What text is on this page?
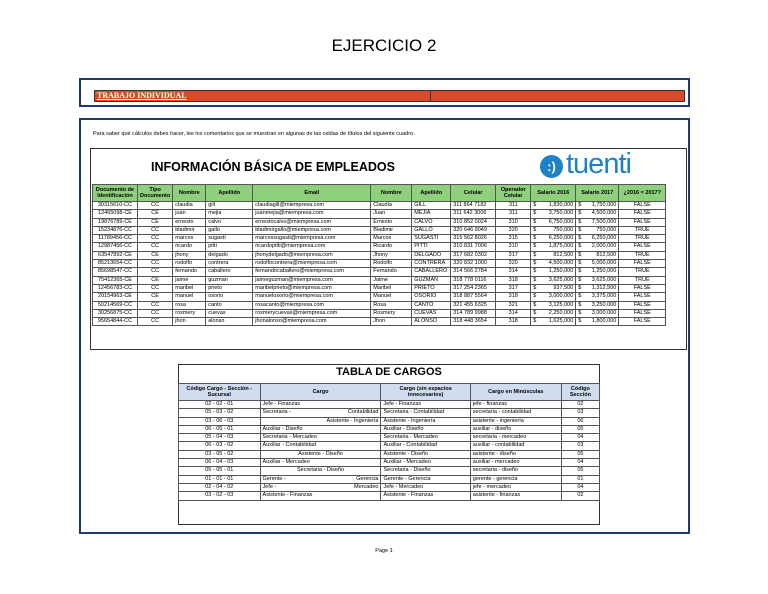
EJERCICIO 2
TRABAJO INDIVIDUAL
Para saber qué cálculos debes hacer, lee los comentarios que se muestran en algunas de las celdas de títulos del siguiente cuadro.
INFORMACIÓN BÁSICA DE EMPLEADOS	:) tuenti
Documento de Identificación	Tipo Documento	Nombre	Apellido	Email	Nombre	Apellido	Celular	Operador Celular	Salario 2016	Salario 2017	¿2016 = 2017?
30315610-CC	CC	claudia	gill	claudiagill@miempresa.com	Claudia	GILL	311 864 7182	311	$ 1,830,000	$ 1,750,000	FALSE
12465098-CE	CE	juan	mejia	juanmejia@miempresa.com	Juan	MEJIA	311 642 3006	311	$ 3,750,000	$ 4,500,000	FALSE
19876789-CE	CE	ernesto	calvo	ernestocalvo@miempresa.com	Ernesto	CALVO	310 852 0024	310	$ 6,750,000	$ 7,500,000	FALSE
15234876-CC	CC	bladimir	gallo	bladimirgallo@miempresa.com	Bladimir	GALLO	320 646 9049	320	$ 750,000	$ 750,000	TRUE
11789456-CC	CC	marcos	sugasti	marcossugasti@miempresa.com	Marcos	SUGASTI	315 562 8026	315	$ 6,250,000	$ 6,250,000	TRUE
12987456-CC	CC	ricardo	pitti	ricardopitti@miempresa.com	Ricardo	PITTI	310 831 7006	310	$ 1,875,000	$ 2,000,000	FALSE
63547892-CE	CE	jhony	delgado	jhonydelgado@miempresa.com	Jhony	DELGADO	317 682 0302	317	$ 812,500	$ 812,500	TRUE
85213654-CC	CC	rodolfo	contrera	rodolfocontrera@miempresa.com	Rodolfo	CONTRERA	320 832 1000	320	$ 4,500,000	$ 5,000,000	FALSE
85698547-CC	CC	fernando	caballero	fernandocaballero@miempresa.com	Fernando	CABALLERO	314 566 2784	314	$ 1,250,000	$ 1,250,000	TRUE
75412365-CE	CE	jaime	guzman	jaimeguzman@miempresa.com	Jaime	GUZMAN	318 778 0116	318	$ 3,625,000	$ 3,625,000	TRUE
12456783-CC	CC	maribel	prieto	maribelprieto@miempresa.com	Maribel	PRIETO	317 254 2365	317	$ 937,500	$ 1,312,500	FALSE
20154963-CE	CE	manuel	osorio	manuelosorio@miempresa.com	Manuel	OSORIO	318 887 5564	318	$ 3,000,000	$ 3,375,000	FALSE
50214569-CC	CC	rosa	canto	rosacanto@miempresa.com	Rosa	CANTO	321 455 6325	321	$ 3,125,000	$ 3,250,000	FALSE
30256875-CC	CC	rosmery	cuevas	rosmerycuevas@miempresa.com	Rosmery	CUEVAS	314 789 9988	314	$ 2,250,000	$ 3,000,000	FALSE
95654844-CC	CC	jhon	alonso	jhonalonso@miempresa.com	Jhon	ALONSO	318 448 3654	318	$ 1,625,000	$ 1,800,000	FALSE
TABLA DE CARGOS
Código Cargo - Sección - Sucursal	Cargo	Cargo (sin espacios innecesarios)	Cargo en Minúsculas	Código Sección
02 - 02 - 01	Jefe - Finanzas	Jefe - Finanzas	jefe - finanzas	02
05 - 03 - 02	Secretaria - Contabilidad	Secretaria - Contabilidad	secretaria - contabilidad	03
03 - 06 - 03	Asistente - Ingeniería	Asistente - Ingeniería	asistente - ingeniería	06
06 - 05 - 01	Auxiliar - Diseño	Auxiliar - Diseño	auxiliar - diseño	05
05 - 04 - 03	Secretaria - Mercadeo	Secretaria - Mercadeo	secretaria - mercadeo	04
06 - 03 - 02	Auxiliar - Contabilidad	Auxiliar - Contabilidad	auxiliar - contabilidad	03
03 - 05 - 02	Asistente - Diseño	Asistente - Diseño	asistente - diseño	05
06 - 04 - 03	Auxiliar - Mercadeo	Auxiliar - Mercadeo	auxiliar - mercadeo	04
05 - 05 - 01	Secretaria - Diseño	Secretaria - Diseño	secretaria - diseño	05
01 - 01 - 01	Gerente - Gerencia	Gerente - Gerencia	gerente - gerencia	01
02 - 04 - 02	Jefe - Mercadeo	Jefe - Mercadeo	jefe - mercadeo	04
03 - 02 - 03	Asistente - Finanzas	Asistente - Finanzas	asistente - finanzas	02
Page 1
